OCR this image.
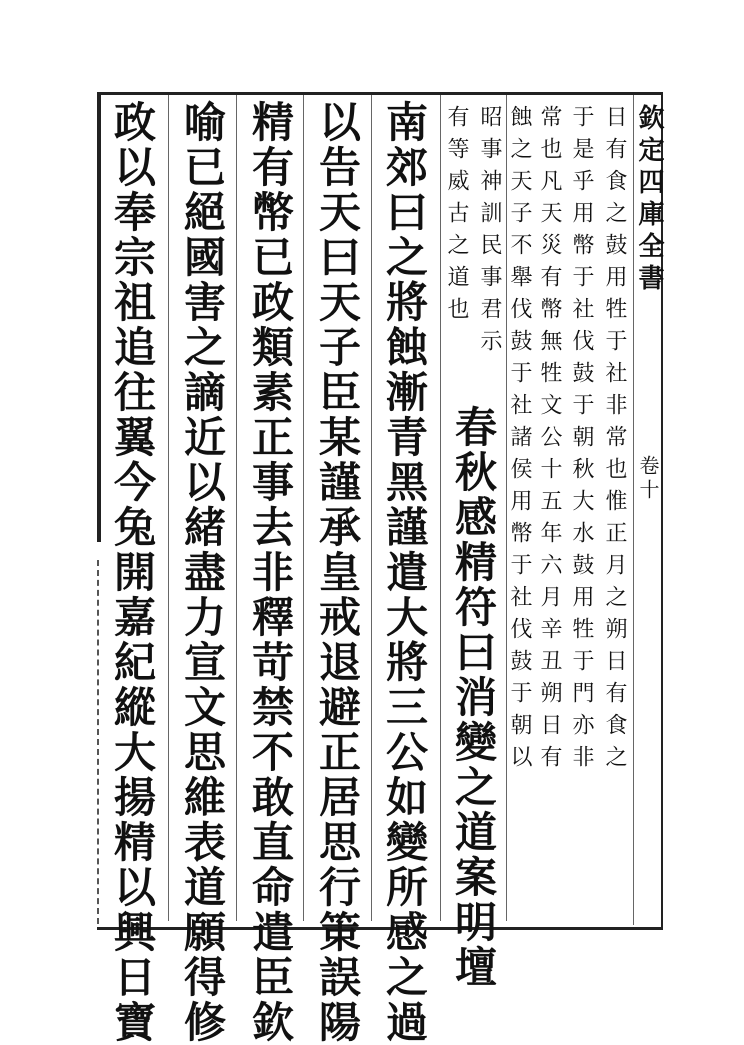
欽定四庫全書
卷十
日有食之鼓用牲于社非常也惟正月之朔日有食之
于是乎用幣于社伐鼓于朝秋大水鼓用牲于門亦非
常也凡天災有幣無牲文公十五年六月辛丑朔日有
蝕之天子不舉伐鼓于社諸侯用幣于社伐鼓于朝以
昭事神訓民事君示
有等威古之道也
春秋感精符曰消變之道案明壇
南郊曰之將蝕漸青黑謹遣大將三公如變所感之過
以告天曰天子臣某謹承皇戒退避正居思行䇿誤陽
精有幣已政類素正事去非釋苛禁不敢直命遣臣欽
喻已絕國害之謫近以緒盡力宣文思維表道願得修
政以奉宗祖追往翼今兔開嘉紀縱大揚精以興日寶
